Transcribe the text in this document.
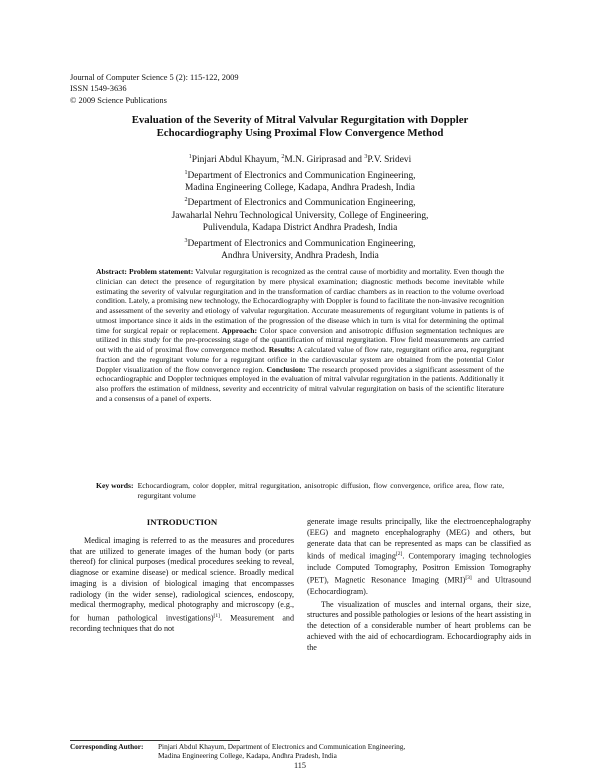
Journal of Computer Science 5 (2): 115-122, 2009
ISSN 1549-3636
© 2009 Science Publications
Evaluation of the Severity of Mitral Valvular Regurgitation with Doppler
Echocardiography Using Proximal Flow Convergence Method
$^1$Pinjari Abdul Khayum, $^2$M.N. Giriprasad and $^3$P.V. Sridevi
$^1$Department of Electronics and Communication Engineering,
Madina Engineering College, Kadapa, Andhra Pradesh, India
$^2$Department of Electronics and Communication Engineering,
Jawaharlal Nehru Technological University, College of Engineering,
Pulivendula, Kadapa District Andhra Pradesh, India
$^3$Department of Electronics and Communication Engineering,
Andhra University, Andhra Pradesh, India
Abstract: Problem statement: Valvular regurgitation is recognized as the central cause of morbidity and mortality. Even though the clinician can detect the presence of regurgitation by mere physical examination; diagnostic methods become inevitable while estimating the severity of valvular regurgitation and in the transformation of cardiac chambers as in reaction to the volume overload condition. Lately, a promising new technology, the Echocardiography with Doppler is found to facilitate the non-invasive recognition and assessment of the severity and etiology of valvular regurgitation. Accurate measurements of regurgitant volume in patients is of utmost importance since it aids in the estimation of the progression of the disease which in turn is vital for determining the optimal time for surgical repair or replacement. Approach: Color space conversion and anisotropic diffusion segmentation techniques are utilized in this study for the pre-processing stage of the quantification of mitral regurgitation. Flow field measurements are carried out with the aid of proximal flow convergence method. Results: A calculated value of flow rate, regurgitant orifice area, regurgitant fraction and the regurgitant volume for a regurgitant orifice in the cardiovascular system are obtained from the potential Color Doppler visualization of the flow convergence region. Conclusion: The research proposed provides a significant assessment of the echocardiographic and Doppler techniques employed in the evaluation of mitral valvular regurgitation in the patients. Additionally it also proffers the estimation of mildness, severity and eccentricity of mitral valvular regurgitation on basis of the scientific literature and a consensus of a panel of experts.
Key words: Echocardiogram, color doppler, mitral regurgitation, anisotropic diffusion, flow convergence, orifice area, flow rate, regurgitant volume
INTRODUCTION
Medical imaging is referred to as the measures and procedures that are utilized to generate images of the human body (or parts thereof) for clinical purposes (medical procedures seeking to reveal, diagnose or examine disease) or medical science. Broadly medical imaging is a division of biological imaging that encompasses radiology (in the wider sense), radiological sciences, endoscopy, medical thermography, medical photography and microscopy (e.g., for human pathological investigations)[1]. Measurement and recording techniques that do not
generate image results principally, like the electroencephalography (EEG) and magneto encephalography (MEG) and others, but generate data that can be represented as maps can be classified as kinds of medical imaging[2]. Contemporary imaging technologies include Computed Tomography, Positron Emission Tomography (PET), Magnetic Resonance Imaging (MRI)[3] and Ultrasound (Echocardiogram).
The visualization of muscles and internal organs, their size, structures and possible pathologies or lesions of the heart assisting in the detection of a considerable number of heart problems can be achieved with the aid of echocardiogram. Echocardiography aids in the
Corresponding Author:	Pinjari Abdul Khayum, Department of Electronics and Communication Engineering,
Madina Engineering College, Kadapa, Andhra Pradesh, India
115
